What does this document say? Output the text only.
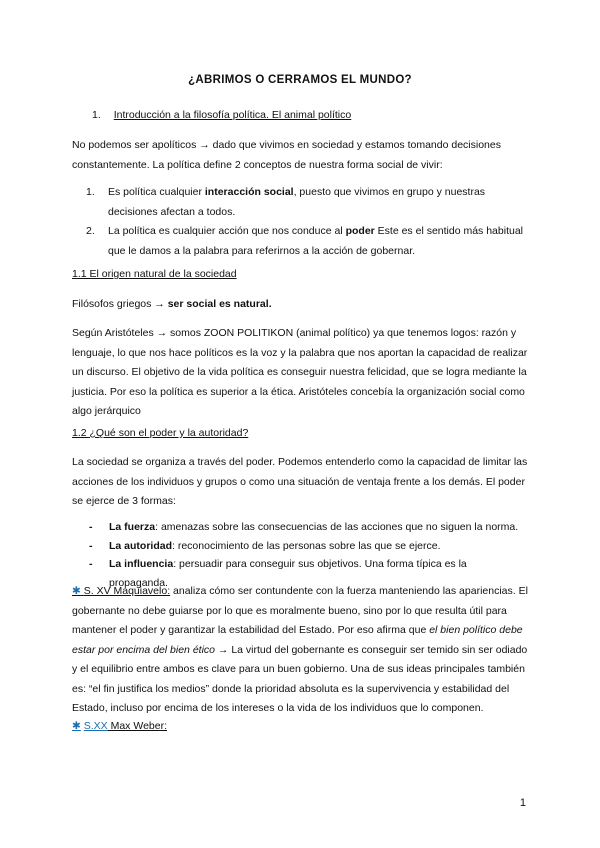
¿ABRIMOS O CERRAMOS EL MUNDO?
1. Introducción a la filosofía política. El animal político
No podemos ser apolíticos → dado que vivimos en sociedad y estamos tomando decisiones constantemente. La política define 2 conceptos de nuestra forma social de vivir:
1. Es política cualquier interacción social, puesto que vivimos en grupo y nuestras decisiones afectan a todos.
2. La política es cualquier acción que nos conduce al poder Este es el sentido más habitual que le damos a la palabra para referirnos a la acción de gobernar.
1.1 El origen natural de la sociedad
Filósofos griegos → ser social es natural.
Según Aristóteles → somos ZOON POLITIKON (animal político) ya que tenemos logos: razón y lenguaje, lo que nos hace políticos es la voz y la palabra que nos aportan la capacidad de realizar un discurso. El objetivo de la vida política es conseguir nuestra felicidad, que se logra mediante la justicia. Por eso la política es superior a la ética. Aristóteles concebía la organización social como algo jerárquico
1.2 ¿Qué son el poder y la autoridad?
La sociedad se organiza a través del poder. Podemos entenderlo como la capacidad de limitar las acciones de los individuos y grupos o como una situación de ventaja frente a los demás. El poder se ejerce de 3 formas:
- La fuerza: amenazas sobre las consecuencias de las acciones que no siguen la norma.
- La autoridad: reconocimiento de las personas sobre las que se ejerce.
- La influencia: persuadir para conseguir sus objetivos. Una forma típica es la propaganda.
✱ S. XV Maquiavelo: analiza cómo ser contundente con la fuerza manteniendo las apariencias. El gobernante no debe guiarse por lo que es moralmente bueno, sino por lo que resulta útil para mantener el poder y garantizar la estabilidad del Estado. Por eso afirma que el bien político debe estar por encima del bien ético → La virtud del gobernante es conseguir ser temido sin ser odiado y el equilibrio entre ambos es clave para un buen gobierno. Una de sus ideas principales también es: “el fin justifica los medios” donde la prioridad absoluta es la supervivencia y estabilidad del Estado, incluso por encima de los intereses o la vida de los individuos que lo componen.
✱ S.XX Max Weber:
1
